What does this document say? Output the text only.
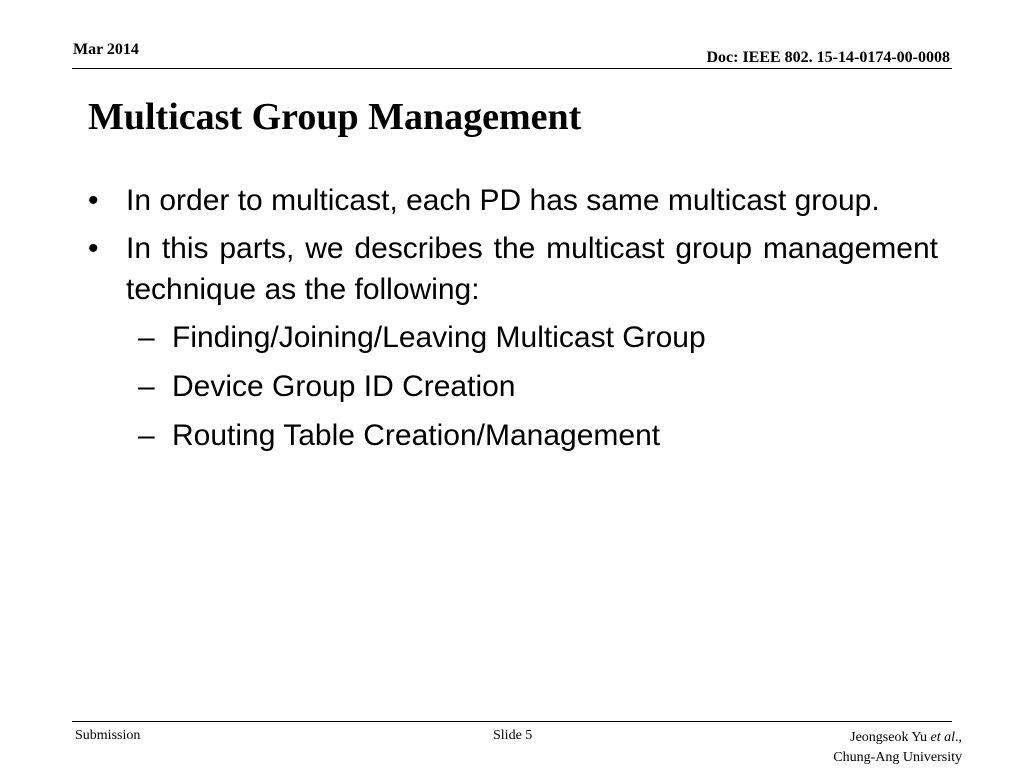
Mar 2014	Doc: IEEE 802. 15-14-0174-00-0008
Multicast Group Management
• In order to multicast, each PD has same multicast group.
• In this parts, we describes the multicast group management technique as the following:
– Finding/Joining/Leaving Multicast Group
– Device Group ID Creation
– Routing Table Creation/Management
Submission	Slide 5	Jeongseok Yu et al.,
Chung-Ang University
